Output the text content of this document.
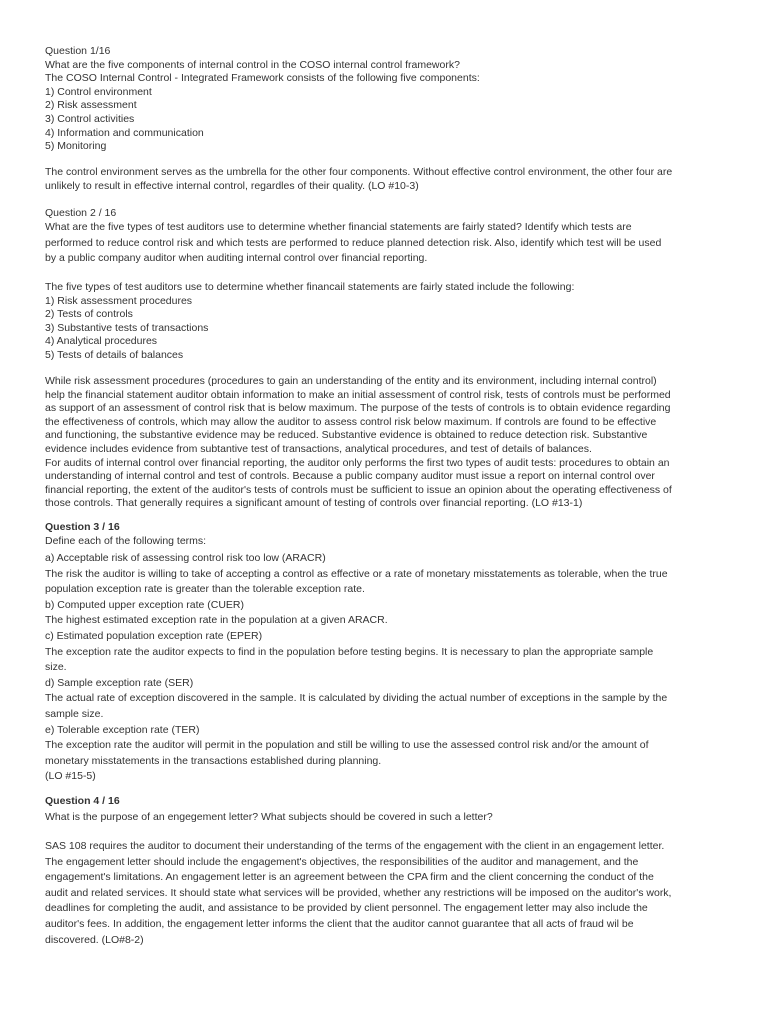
Question 1/16
What are the five components of internal control in the COSO internal control framework?
The COSO Internal Control - Integrated Framework consists of the following five components:
1) Control environment
2) Risk assessment
3) Control activities
4) Information and communication
5) Monitoring
The control environment serves as the umbrella for the other four components. Without effective control environment, the other four are
unlikely to result in effective internal control, regardles of their quality. (LO #10-3)
Question 2 / 16
What are the five types of test auditors use to determine whether financial statements are fairly stated? Identify which tests are
performed to reduce control risk and which tests are performed to reduce planned detection risk. Also, identify which test will be used
by a public company auditor when auditing internal control over financial reporting.
The five types of test auditors use to determine whether financail statements are fairly stated include the following:
1) Risk assessment procedures
2) Tests of controls
3) Substantive tests of transactions
4) Analytical procedures
5) Tests of details of balances
While risk assessment procedures (procedures to gain an understanding of the entity and its environment, including internal control)
help the financial statement auditor obtain information to make an initial assessment of control risk, tests of controls must be performed
as support of an assessment of control risk that is below maximum. The purpose of the tests of controls is to obtain evidence regarding
the effectiveness of controls, which may allow the auditor to assess control risk below maximum. If controls are found to be effective
and functioning, the substantive evidence may be reduced. Substantive evidence is obtained to reduce detection risk. Substantive
evidence includes evidence from subtantive test of transactions, analytical procedures, and test of details of balances.
For audits of internal control over financial reporting, the auditor only performs the first two types of audit tests: procedures to obtain an
understanding of internal control and test of controls. Because a public company auditor must issue a report on internal control over
financial reporting, the extent of the auditor's tests of controls must be sufficient to issue an opinion about the operating effectiveness of
those controls. That generally requires a significant amount of testing of controls over financial reporting. (LO #13-1)
Question 3 / 16
Define each of the following terms:
a) Acceptable risk of assessing control risk too low (ARACR)
The risk the auditor is willing to take of accepting a control as effective or a rate of monetary misstatements as tolerable, when the true
population exception rate is greater than the tolerable exception rate.
b) Computed upper exception rate (CUER)
The highest estimated exception rate in the population at a given ARACR.
c) Estimated population exception rate (EPER)
The exception rate the auditor expects to find in the population before testing begins. It is necessary to plan the appropriate sample
size.
d) Sample exception rate (SER)
The actual rate of exception discovered in the sample. It is calculated by dividing the actual number of exceptions in the sample by the
sample size.
e) Tolerable exception rate (TER)
The exception rate the auditor will permit in the population and still be willing to use the assessed control risk and/or the amount of
monetary misstatements in the transactions established during planning.
(LO #15-5)
Question 4 / 16
What is the purpose of an engegement letter? What subjects should be covered in such a letter?
SAS 108 requires the auditor to document their understanding of the terms of the engagement with the client in an engagement letter.
The engagement letter should include the engagement's objectives, the responsibilities of the auditor and management, and the
engagement's limitations. An engagement letter is an agreement between the CPA firm and the client concerning the conduct of the
audit and related services. It should state what services will be provided, whether any restrictions will be imposed on the auditor's work,
deadlines for completing the audit, and assistance to be provided by client personnel. The engagement letter may also include the
auditor's fees. In addition, the engagement letter informs the client that the auditor cannot guarantee that all acts of fraud wil be
discovered. (LO#8-2)
